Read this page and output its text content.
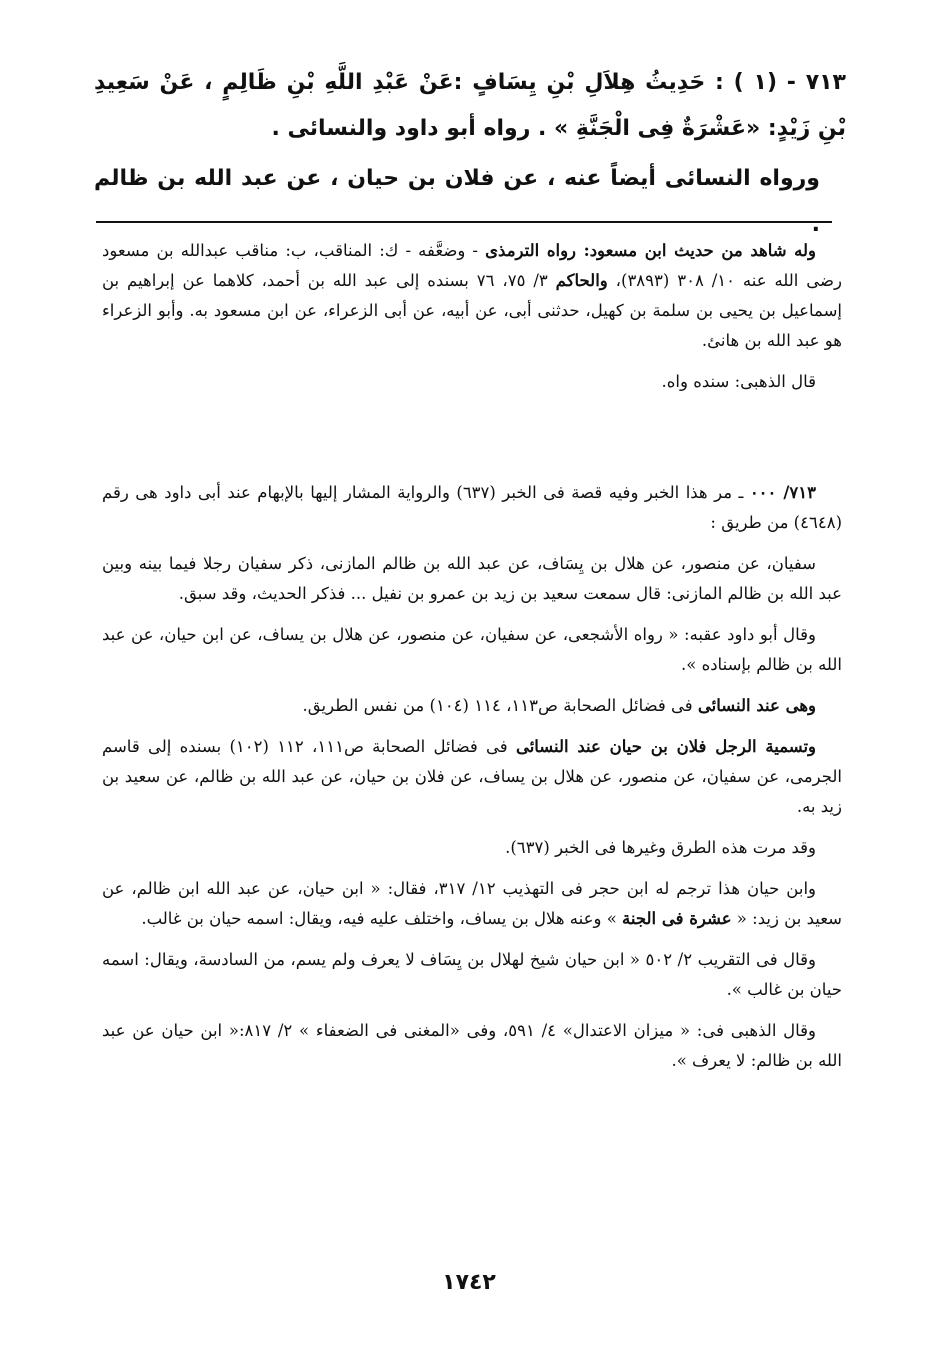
٧١٣ - (١ ) : حَدِيثُ هِلاَلِ بْنِ يِسَافٍ :عَنْ عَبْدِ اللَّهِ بْنِ ظَالِمٍ ، عَنْ سَعِيدِ بْنِ زَيْدٍ: «عَشْرَةٌ فِى الْجَنَّةِ » . رواه أبو داود والنسائى .

ورواه النسائى أيضاً عنه ، عن فلان بن حيان ، عن عبد الله بن ظالم .

وله شاهد من حديث ابن مسعود: رواه الترمذى - وضعَّفه - ك: المناقب، ب: مناقب عبدالله بن مسعود رضى الله عنه ١٠/ ٣٠٨ (٣٨٩٣)، والحاكم ٣/ ٧٥، ٧٦ بسنده إلى عبد الله بن أحمد، كلاهما عن إبراهيم بن إسماعيل بن يحيى بن سلمة بن كهيل، حدثنى أبى، عن أبيه، عن أبى الزعراء، عن ابن مسعود به. وأبو الزعراء هو عبد الله بن هانئ.

قال الذهبى: سنده واه.

٧١٣/ ٠٠٠ ـ مر هذا الخبر وفيه قصة فى الخبر (٦٣٧) والرواية المشار إليها بالإبهام عند أبى داود هى رقم (٤٦٤٨) من طريق :

سفيان، عن منصور، عن هلال بن يِسَاف، عن عبد الله بن ظالم المازنى، ذكر سفيان رجلا فيما بينه وبين عبد الله بن ظالم المازنى: قال سمعت سعيد بن زيد بن عمرو بن نفيل ... فذكر الحديث، وقد سبق.

وقال أبو داود عقبه: « رواه الأشجعى، عن سفيان، عن منصور، عن هلال بن يساف، عن ابن حيان، عن عبد الله بن ظالم بإسناده ».

وهى عند النسائى فى فضائل الصحابة ص١١٣، ١١٤ (١٠٤) من نفس الطريق.

وتسمية الرجل فلان بن حيان عند النسائى فى فضائل الصحابة ص١١١، ١١٢ (١٠٢) بسنده إلى قاسم الجرمى، عن سفيان، عن منصور، عن هلال بن يساف، عن فلان بن حيان، عن عبد الله بن ظالم، عن سعيد بن زيد به.

وقد مرت هذه الطرق وغيرها فى الخبر (٦٣٧).

وابن حيان هذا ترجم له ابن حجر فى التهذيب ١٢/ ٣١٧، فقال: « ابن حيان، عن عبد الله ابن ظالم، عن سعيد بن زيد: « عشرة فى الجنة » وعنه هلال بن يساف، واختلف عليه فيه، ويقال: اسمه حيان بن غالب.

وقال فى التقريب ٢/ ٥٠٢ « ابن حيان شيخ لهلال بن يِسَاف لا يعرف ولم يسم، من السادسة، ويقال: اسمه حيان بن غالب ».

وقال الذهبى فى: « ميزان الاعتدال» ٤/ ٥٩١، وفى «المغنى فى الضعفاء » ٢/ ٨١٧:« ابن حيان عن عبد الله بن ظالم: لا يعرف ».

١٧٤٢
